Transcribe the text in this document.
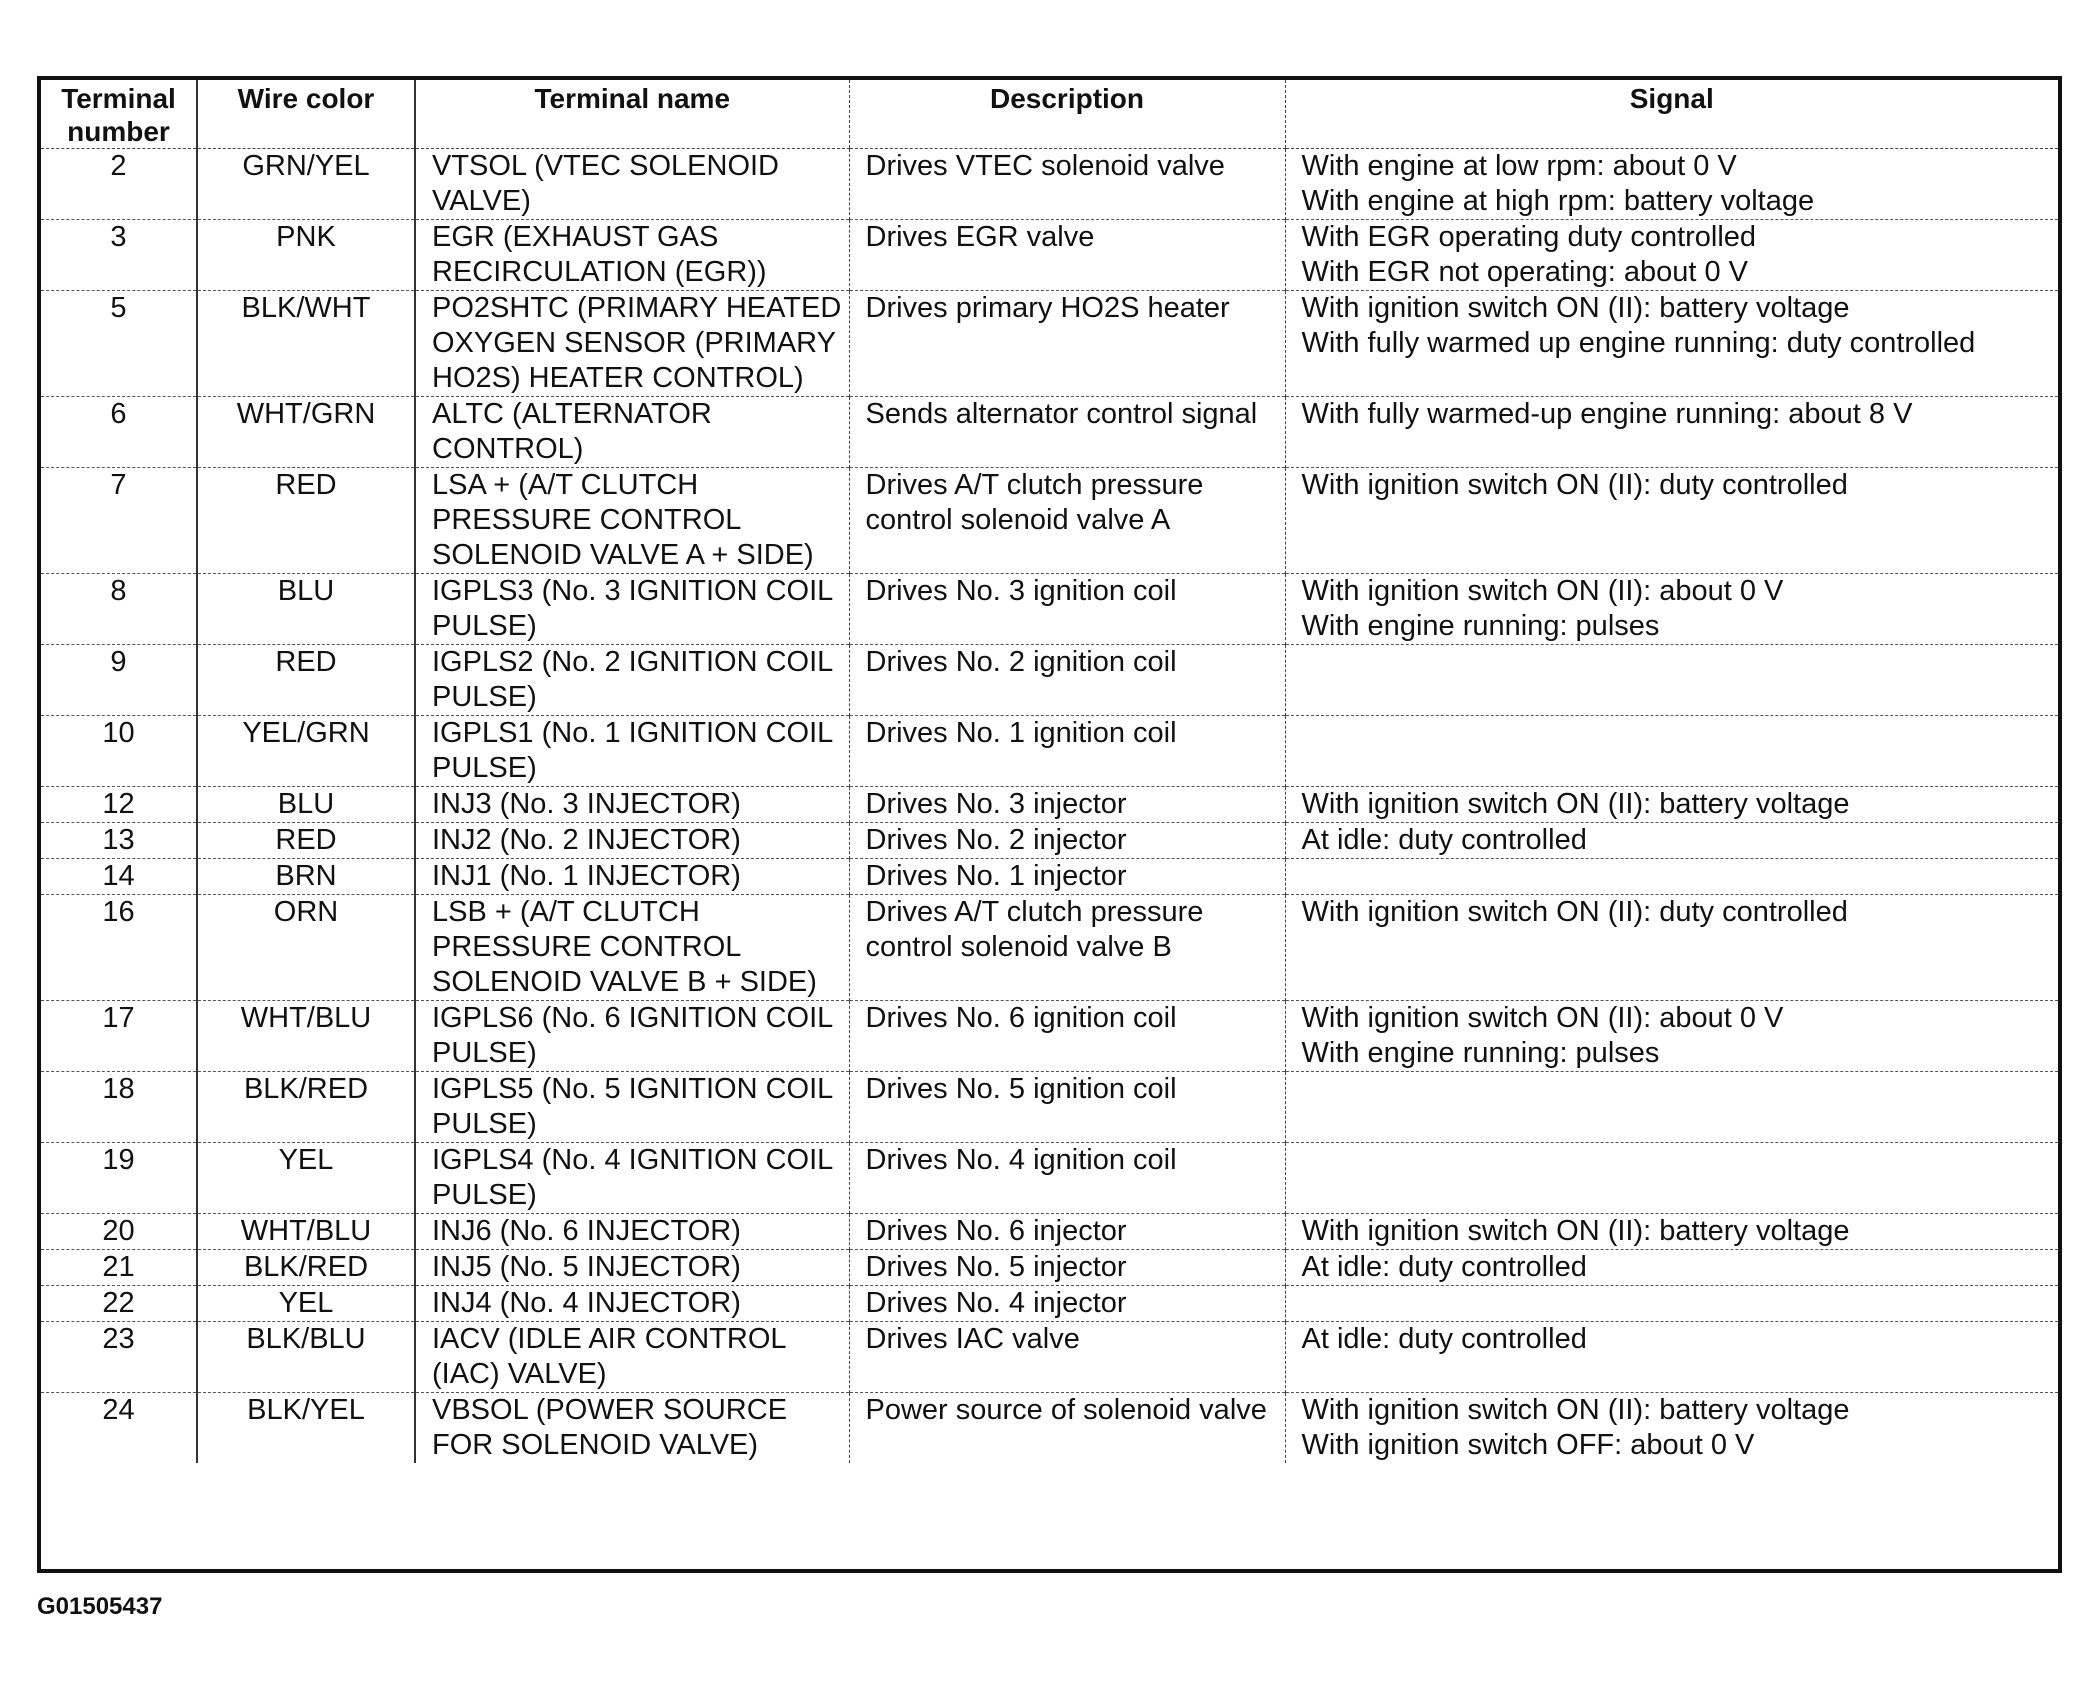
Terminal number	Wire color	Terminal name	Description	Signal
2	GRN/YEL	VTSOL (VTEC SOLENOID VALVE)	Drives VTEC solenoid valve	With engine at low rpm: about 0 V
With engine at high rpm: battery voltage

3	PNK	EGR (EXHAUST GAS RECIRCULATION (EGR))	Drives EGR valve	With EGR operating duty controlled
With EGR not operating: about 0 V

5	BLK/WHT	PO2SHTC (PRIMARY HEATED OXYGEN SENSOR (PRIMARY HO2S) HEATER CONTROL)	Drives primary HO2S heater	With ignition switch ON (II): battery voltage
With fully warmed up engine running: duty controlled

6	WHT/GRN	ALTC (ALTERNATOR CONTROL)	Sends alternator control signal	With fully warmed-up engine running: about 8 V

7	RED	LSA + (A/T CLUTCH PRESSURE CONTROL SOLENOID VALVE A + SIDE)	Drives A/T clutch pressure control solenoid valve A	With ignition switch ON (II): duty controlled

8	BLU	IGPLS3 (No. 3 IGNITION COIL PULSE)	Drives No. 3 ignition coil	With ignition switch ON (II): about 0 V
With engine running: pulses

9	RED	IGPLS2 (No. 2 IGNITION COIL PULSE)	Drives No. 2 ignition coil	
10	YEL/GRN	IGPLS1 (No. 1 IGNITION COIL PULSE)	Drives No. 1 ignition coil	
12	BLU	INJ3 (No. 3 INJECTOR)	Drives No. 3 injector	With ignition switch ON (II): battery voltage

13	RED	INJ2 (No. 2 INJECTOR)	Drives No. 2 injector	At idle: duty controlled

14	BRN	INJ1 (No. 1 INJECTOR)	Drives No. 1 injector	
16	ORN	LSB + (A/T CLUTCH PRESSURE CONTROL SOLENOID VALVE B + SIDE)	Drives A/T clutch pressure control solenoid valve B	With ignition switch ON (II): duty controlled

17	WHT/BLU	IGPLS6 (No. 6 IGNITION COIL PULSE)	Drives No. 6 ignition coil	With ignition switch ON (II): about 0 V
With engine running: pulses

18	BLK/RED	IGPLS5 (No. 5 IGNITION COIL PULSE)	Drives No. 5 ignition coil	
19	YEL	IGPLS4 (No. 4 IGNITION COIL PULSE)	Drives No. 4 ignition coil	
20	WHT/BLU	INJ6 (No. 6 INJECTOR)	Drives No. 6 injector	With ignition switch ON (II): battery voltage

21	BLK/RED	INJ5 (No. 5 INJECTOR)	Drives No. 5 injector	At idle: duty controlled

22	YEL	INJ4 (No. 4 INJECTOR)	Drives No. 4 injector	
23	BLK/BLU	IACV (IDLE AIR CONTROL (IAC) VALVE)	Drives IAC valve	At idle: duty controlled

24	BLK/YEL	VBSOL (POWER SOURCE FOR SOLENOID VALVE)	Power source of solenoid valve	With ignition switch ON (II): battery voltage
With ignition switch OFF: about 0 V
G01505437
